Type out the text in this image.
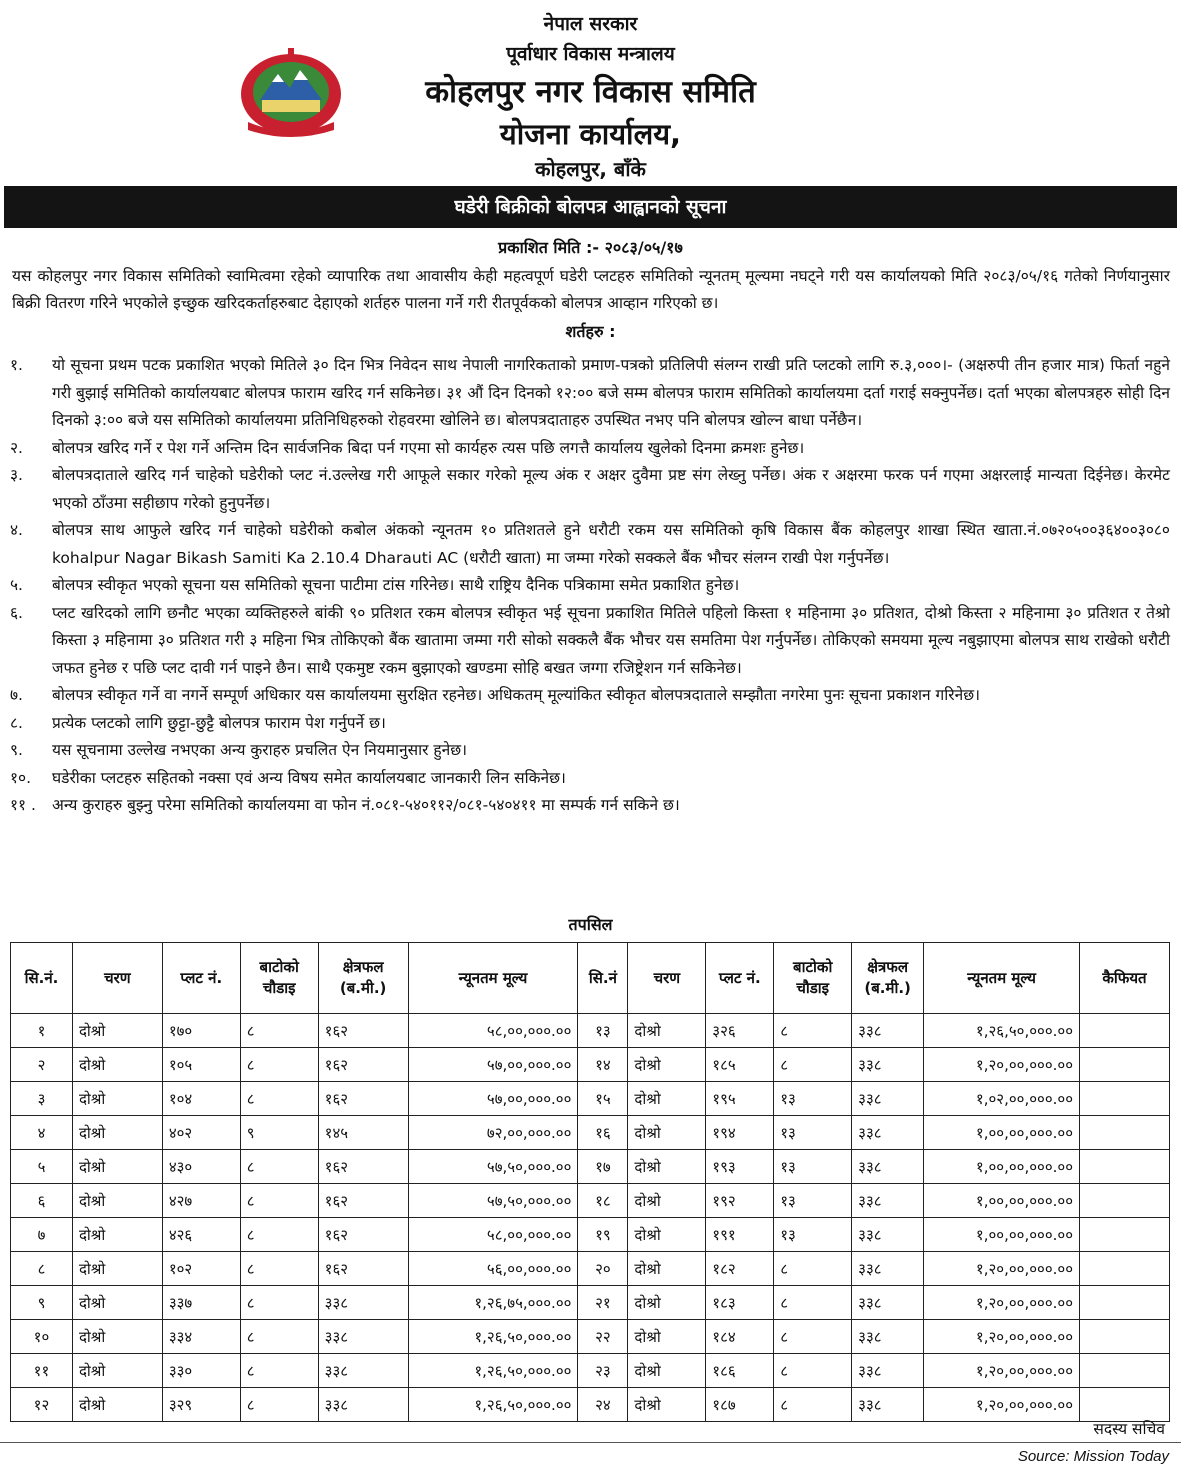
नेपाल सरकार
पूर्वाधार विकास मन्त्रालय
कोहलपुर नगर विकास समिति
योजना कार्यालय,
कोहलपुर, बाँके
घडेरी बिक्रीको बोलपत्र आह्वानको सूचना
प्रकाशित मिति :- २०८३/०५/१७
यस कोहलपुर नगर विकास समितिको स्वामित्वमा रहेको व्यापारिक तथा आवासीय केही महत्वपूर्ण घडेरी प्लटहरु समितिको न्यूनतम् मूल्यमा नघट्ने गरी यस कार्यालयको मिति २०८३/०५/१६ गतेको निर्णयानुसार बिक्री वितरण गरिने भएकोले इच्छुक खरिदकर्ताहरुबाट देहाएको शर्तहरु पालना गर्ने गरी रीतपूर्वकको बोलपत्र आव्हान गरिएको छ।
शर्तहरु :
१.	यो सूचना प्रथम पटक प्रकाशित भएको मितिले ३० दिन भित्र निवेदन साथ नेपाली नागरिकताको प्रमाण-पत्रको प्रतिलिपी संलग्न राखी प्रति प्लटको लागि रु.३,०००।- (अक्षरुपी तीन हजार मात्र) फिर्ता नहुने गरी बुझाई समितिको कार्यालयबाट बोलपत्र फाराम खरिद गर्न सकिनेछ। ३१ औं दिन दिनको १२:०० बजे सम्म बोलपत्र फाराम समितिको कार्यालयमा दर्ता गराई सक्नुपर्नेछ। दर्ता भएका बोलपत्रहरु सोही दिन दिनको ३:०० बजे यस समितिको कार्यालयमा प्रतिनिधिहरुको रोहवरमा खोलिने छ। बोलपत्रदाताहरु उपस्थित नभए पनि बोलपत्र खोल्न बाधा पर्नेछैन।
२.	बोलपत्र खरिद गर्ने र पेश गर्ने अन्तिम दिन सार्वजनिक बिदा पर्न गएमा सो कार्यहरु त्यस पछि लगत्तै कार्यालय खुलेको दिनमा क्रमशः हुनेछ।
३.	बोलपत्रदाताले खरिद गर्न चाहेको घडेरीको प्लट नं.उल्लेख गरी आफूले सकार गरेको मूल्य अंक र अक्षर दुवैमा प्रष्ट संग लेख्नु पर्नेछ। अंक र अक्षरमा फरक पर्न गएमा अक्षरलाई मान्यता दिईनेछ। केरमेट भएको ठाँउमा सहीछाप गरेको हुनुपर्नेछ।
४.	बोलपत्र साथ आफुले खरिद गर्न चाहेको घडेरीको कबोल अंकको न्यूनतम १० प्रतिशतले हुने धरौटी रकम यस समितिको कृषि विकास बैंक कोहलपुर शाखा स्थित खाता.नं.०७२०५००३६४००३०८० kohalpur Nagar Bikash Samiti Ka 2.10.4 Dharauti AC (धरौटी खाता) मा जम्मा गरेको सक्कले बैंक भौचर संलग्न राखी पेश गर्नुपर्नेछ।
५.	बोलपत्र स्वीकृत भएको सूचना यस समितिको सूचना पाटीमा टांस गरिनेछ। साथै राष्ट्रिय दैनिक पत्रिकामा समेत प्रकाशित हुनेछ।
६.	प्लट खरिदको लागि छनौट भएका व्यक्तिहरुले बांकी ९० प्रतिशत रकम बोलपत्र स्वीकृत भई सूचना प्रकाशित मितिले पहिलो किस्ता १ महिनामा ३० प्रतिशत, दोश्रो किस्ता २ महिनामा ३० प्रतिशत र तेश्रो किस्ता ३ महिनामा ३० प्रतिशत गरी ३ महिना भित्र तोकिएको बैंक खातामा जम्मा गरी सोको सक्कलै बैंक भौचर यस समतिमा पेश गर्नुपर्नेछ। तोकिएको समयमा मूल्य नबुझाएमा बोलपत्र साथ राखेको धरौटी जफत हुनेछ र पछि प्लट दावी गर्न पाइने छैन। साथै एकमुष्ट रकम बुझाएको खण्डमा सोहि बखत जग्गा रजिष्ट्रेशन गर्न सकिनेछ।
७.	बोलपत्र स्वीकृत गर्ने वा नगर्ने सम्पूर्ण अधिकार यस कार्यालयमा सुरक्षित रहनेछ। अधिकतम् मूल्यांकित स्वीकृत बोलपत्रदाताले सम्झौता नगरेमा पुनः सूचना प्रकाशन गरिनेछ।
८.	प्रत्येक प्लटको लागि छुट्टा-छुट्टै बोलपत्र फाराम पेश गर्नुपर्ने छ।
९.	यस सूचनामा उल्लेख नभएका अन्य कुराहरु प्रचलित ऐन नियमानुसार हुनेछ।
१०.	घडेरीका प्लटहरु सहितको नक्सा एवं अन्य विषय समेत कार्यालयबाट जानकारी लिन सकिनेछ।
११ .	अन्य कुराहरु बुझ्नु परेमा समितिको कार्यालयमा वा फोन नं.०८१-५४०११२/०८१-५४०४११ मा सम्पर्क गर्न सकिने छ।
तपसिल
सि.नं.	चरण	प्लट नं.	बाटोको चौडाइ	क्षेत्रफल (ब.मी.)	न्यूनतम मूल्य	सि.नं	चरण	प्लट नं.	बाटोको चौडाइ	क्षेत्रफल (ब.मी.)	न्यूनतम मूल्य	कैफियत
१	दोश्रो	१७०	८	१६२	५८,००,०००.००	१३	दोश्रो	३२६	८	३३८	१,२६,५०,०००.००	
२	दोश्रो	१०५	८	१६२	५७,००,०००.००	१४	दोश्रो	१८५	८	३३८	१,२०,००,०००.००	
३	दोश्रो	१०४	८	१६२	५७,००,०००.००	१५	दोश्रो	१९५	१३	३३८	१,०२,००,०००.००	
४	दोश्रो	४०२	९	१४५	७२,००,०००.००	१६	दोश्रो	१९४	१३	३३८	१,००,००,०००.००	
५	दोश्रो	४३०	८	१६२	५७,५०,०००.००	१७	दोश्रो	१९३	१३	३३८	१,००,००,०००.००	
६	दोश्रो	४२७	८	१६२	५७,५०,०००.००	१८	दोश्रो	१९२	१३	३३८	१,००,००,०००.००	
७	दोश्रो	४२६	८	१६२	५८,००,०००.००	१९	दोश्रो	१९१	१३	३३८	१,००,००,०००.००	
८	दोश्रो	१०२	८	१६२	५६,००,०००.००	२०	दोश्रो	१८२	८	३३८	१,२०,००,०००.००	
९	दोश्रो	३३७	८	३३८	१,२६,७५,०००.००	२१	दोश्रो	१८३	८	३३८	१,२०,००,०००.००	
१०	दोश्रो	३३४	८	३३८	१,२६,५०,०००.००	२२	दोश्रो	१८४	८	३३८	१,२०,००,०००.००	
११	दोश्रो	३३०	८	३३८	१,२६,५०,०००.००	२३	दोश्रो	१८६	८	३३८	१,२०,००,०००.००	
१२	दोश्रो	३२९	८	३३८	१,२६,५०,०००.००	२४	दोश्रो	१८७	८	३३८	१,२०,००,०००.००	
सदस्य सचिव
Source: Mission Today
